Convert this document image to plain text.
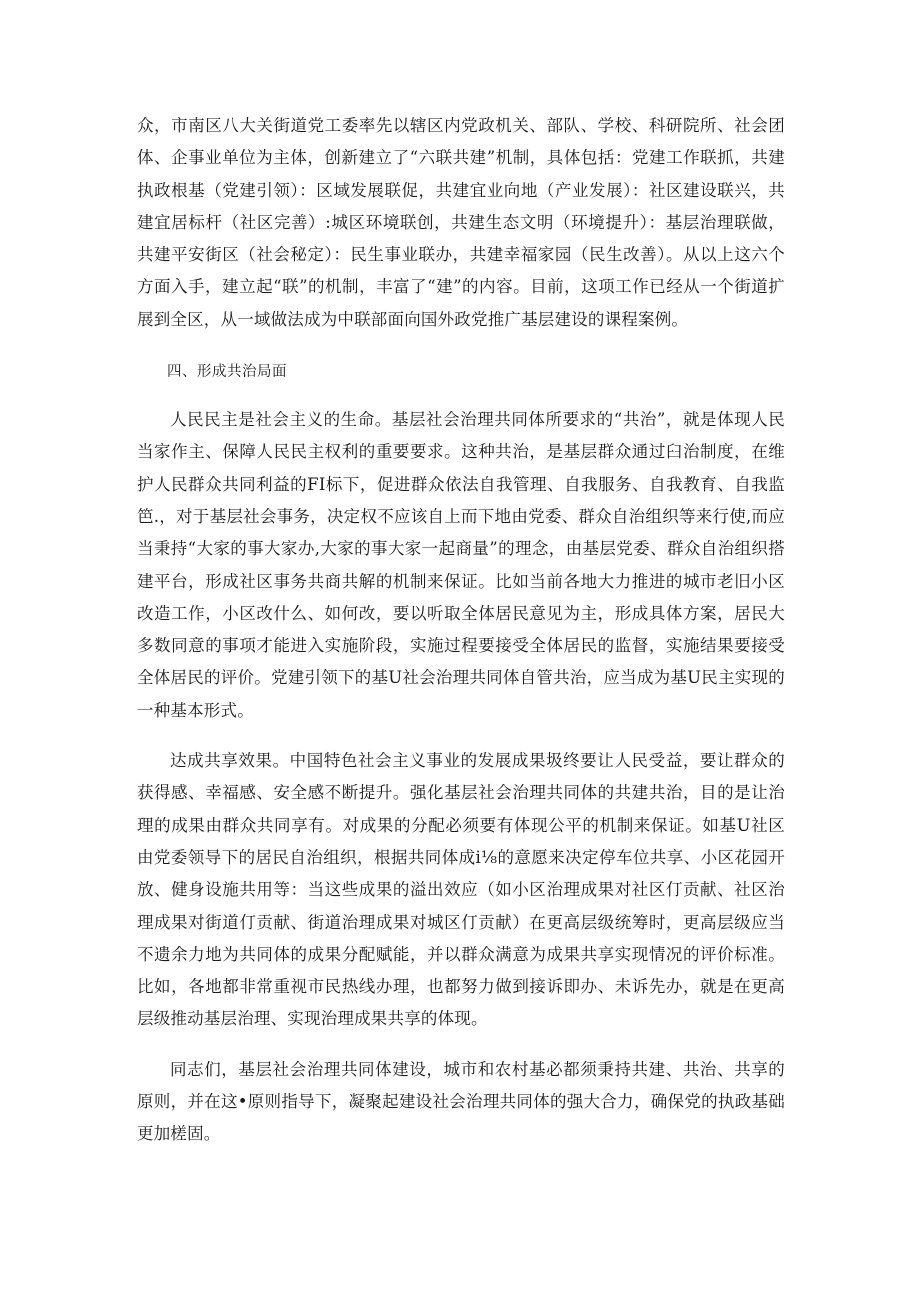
众，市南区八大关街道党工委率先以辖区内党政机关、部队、学校、科研院所、社会团体、企事业单位为主体，创新建立了“六联共建”机制，具体包括：党建工作联抓，共建执政根基（党建引领）：区域发展联促，共建宜业向地（产业发展）：社区建设联兴，共建宜居标杆（社区完善）:城区环境联创，共建生态文明（环境提升）：基层治理联做，共建平安街区（社会秘定）：民生事业联办，共建幸福家园（民生改善）。从以上这六个方面入手，建立起“联”的机制，丰富了“建”的内容。目前，这项工作已经从一个街道扩展到全区，从一域做法成为中联部面向国外政党推广基层建设的课程案例。

四、形成共治局面

人民民主是社会主义的生命。基层社会治理共同体所要求的“共治”，就是体现人民当家作主、保障人民民主权利的重要要求。这种共治，是基层群众通过臼治制度，在维护人民群众共同利益的FI标下，促进群众依法自我管理、自我服务、自我教育、自我监笆.，对于基层社会事务，决定权不应该自上而下地由党委、群众自治组织等来行使,而应当秉持“大家的事大家办,大家的事大家一起商量”的理念，由基层党委、群众自治组织搭建平台，形成社区事务共商共解的机制来保证。比如当前各地大力推进的城市老旧小区改造工作，小区改什么、如何改，要以听取全体居民意见为主，形成具体方案，居民大多数同意的事项才能进入实施阶段，实施过程要接受全体居民的监督，实施结果要接受全体居民的评价。党建引领下的基U社会治理共同体自管共治，应当成为基U民主实现的一种基本形式。

达成共享效果。中国特色社会主义事业的发展成果圾终要让人民受益，要让群众的获得感、幸福感、安全感不断提升。强化基层社会治理共同体的共建共治，目的是让治理的成果由群众共同享有。对成果的分配必须要有体现公平的机制来保证。如基U社区由党委领导下的居民自治组织，根据共同体成i⅛的意愿来决定停车位共享、小区花园开放、健身设施共用等：当这些成果的溢出效应（如小区治理成果对社区仃贡献、社区治理成果对街道仃贡献、街道治理成果对城区仃贡献）在更高层级统筹时，更高层级应当不遗余力地为共同体的成果分配赋能，并以群众满意为成果共享实现情况的评价标准。比如，各地都非常重视市民热线办理，也都努力做到接诉即办、未诉先办，就是在更高层级推动基层治理、实现治理成果共享的体现。

同志们，基层社会治理共同体建设，城市和农村基必都须秉持共建、共治、共享的原则，并在这•原则指导下，凝聚起建设社会治理共同体的强大合力，确保党的执政基础更加槎固。
